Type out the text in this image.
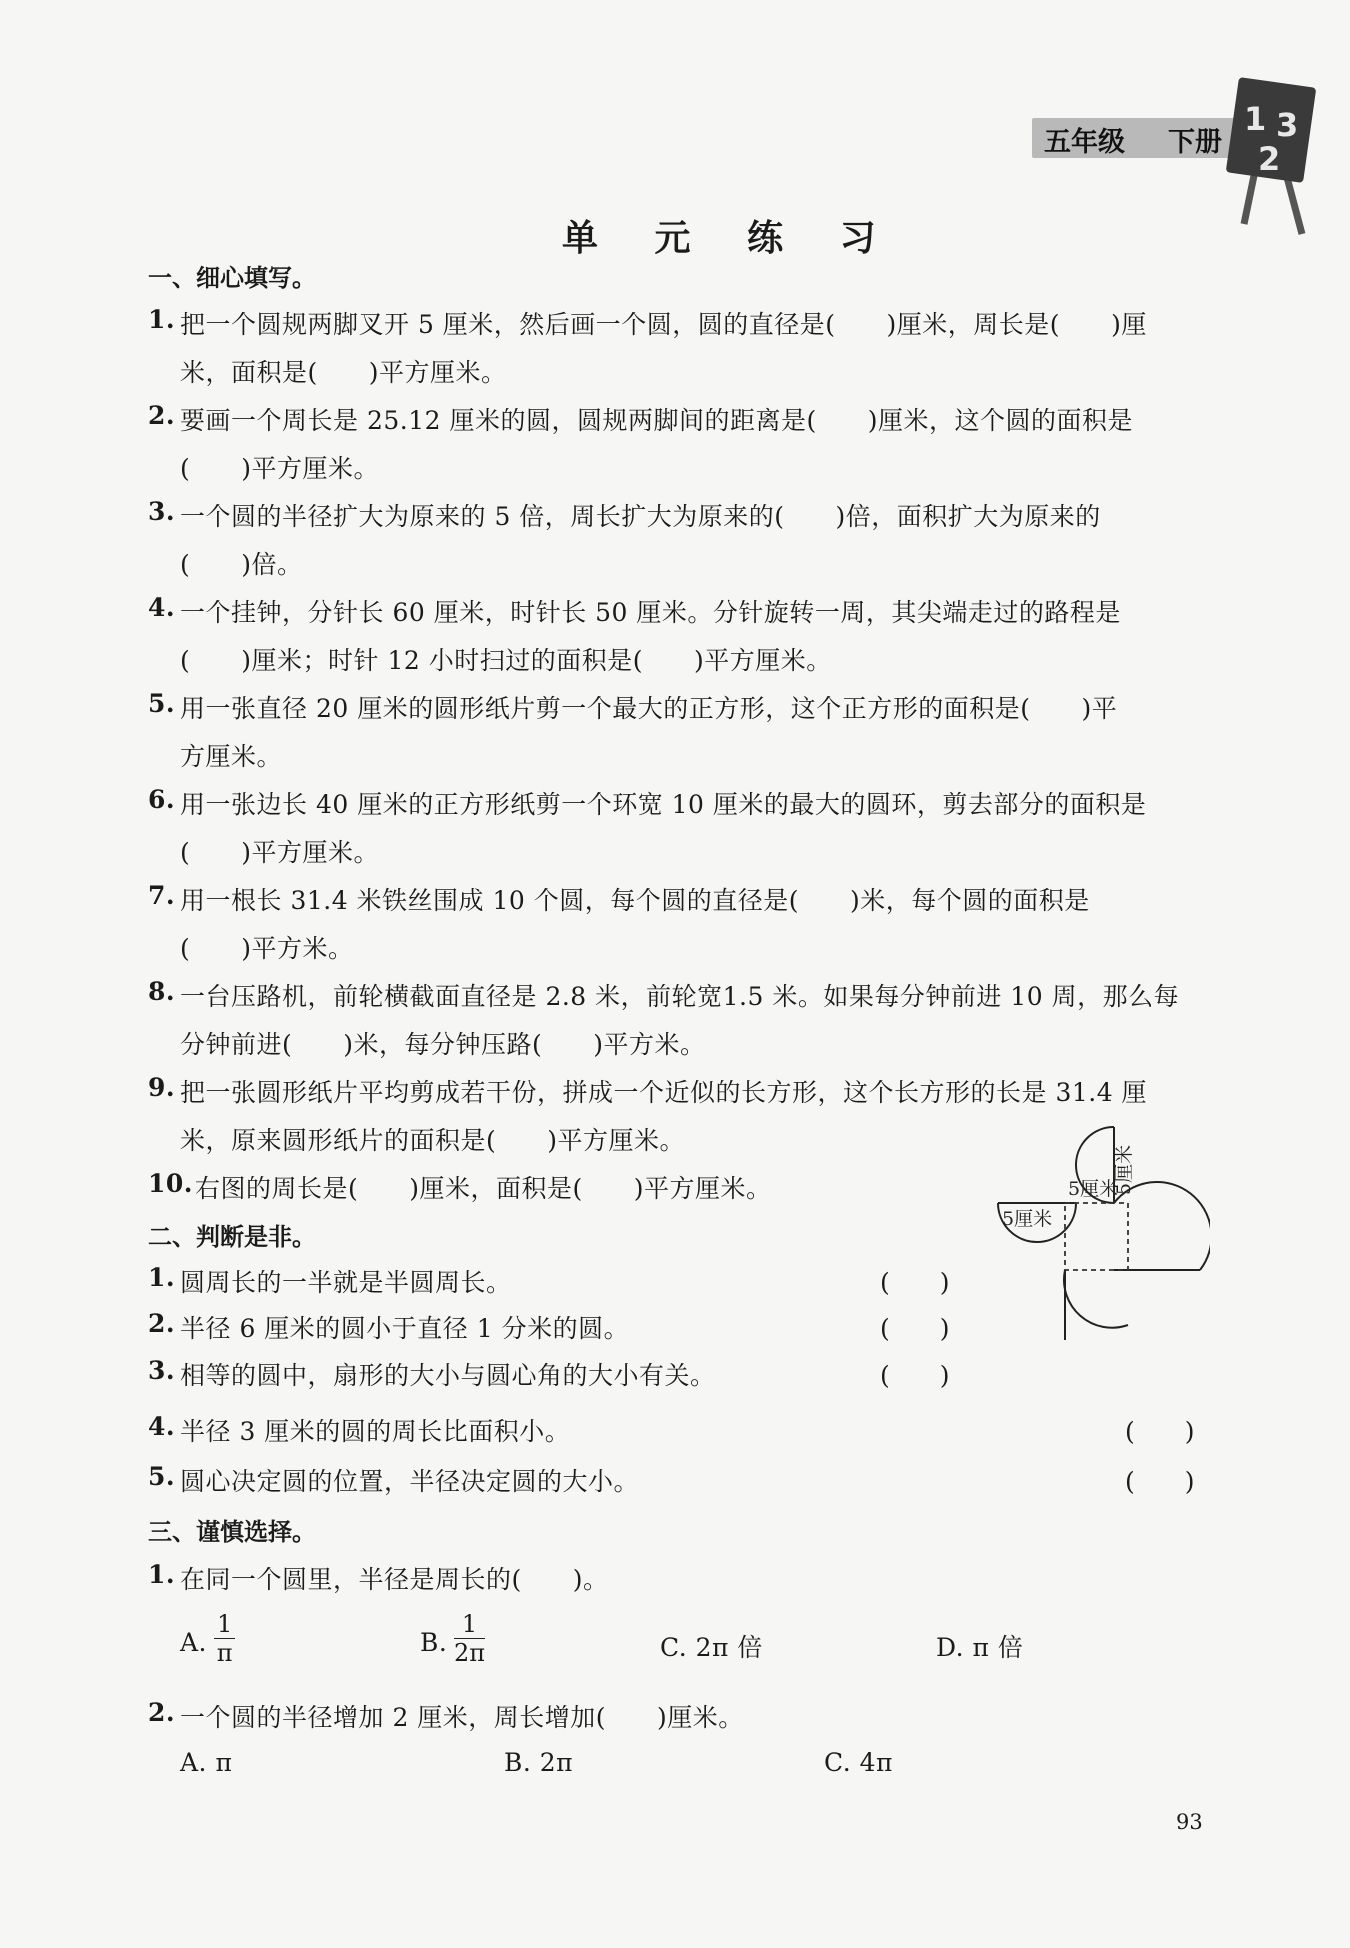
五年级 下册
1 3
2
单 元 练 习
一、细心填写。
1. 把一个圆规两脚叉开 5 厘米，然后画一个圆，圆的直径是(　　)厘米，周长是(　　)厘
米，面积是(　　)平方厘米。
2. 要画一个周长是 25.12 厘米的圆，圆规两脚间的距离是(　　)厘米，这个圆的面积是
(　　)平方厘米。
3. 一个圆的半径扩大为原来的 5 倍，周长扩大为原来的(　　)倍，面积扩大为原来的
(　　)倍。
4. 一个挂钟，分针长 60 厘米，时针长 50 厘米。分针旋转一周，其尖端走过的路程是
(　　)厘米；时针 12 小时扫过的面积是(　　)平方厘米。
5. 用一张直径 20 厘米的圆形纸片剪一个最大的正方形，这个正方形的面积是(　　)平
方厘米。
6. 用一张边长 40 厘米的正方形纸剪一个环宽 10 厘米的最大的圆环，剪去部分的面积是
(　　)平方厘米。
7. 用一根长 31.4 米铁丝围成 10 个圆，每个圆的直径是(　　)米，每个圆的面积是
(　　)平方米。
8. 一台压路机，前轮横截面直径是 2.8 米，前轮宽1.5 米。如果每分钟前进 10 周，那么每
分钟前进(　　)米，每分钟压路(　　)平方米。
9. 把一张圆形纸片平均剪成若干份，拼成一个近似的长方形，这个长方形的长是 31.4 厘
米，原来圆形纸片的面积是(　　)平方厘米。
10. 右图的周长是(　　)厘米，面积是(　　)平方厘米。	5厘米
5厘米
5厘米
二、判断是非。
1. 圆周长的一半就是半圆周长。	(　　)
2. 半径 6 厘米的圆小于直径 1 分米的圆。	(　　)
3. 相等的圆中，扇形的大小与圆心角的大小有关。	(　　)
4. 半径 3 厘米的圆的周长比面积小。	(　　)
5. 圆心决定圆的位置，半径决定圆的大小。	(　　)
三、谨慎选择。
1. 在同一个圆里，半径是周长的(　　)。
A. $\frac{1}{\pi}$	B. $\frac{1}{2\pi}$	C. 2π 倍	D. π 倍
2. 一个圆的半径增加 2 厘米，周长增加(　　)厘米。
A. π	B. 2π	C. 4π
93
